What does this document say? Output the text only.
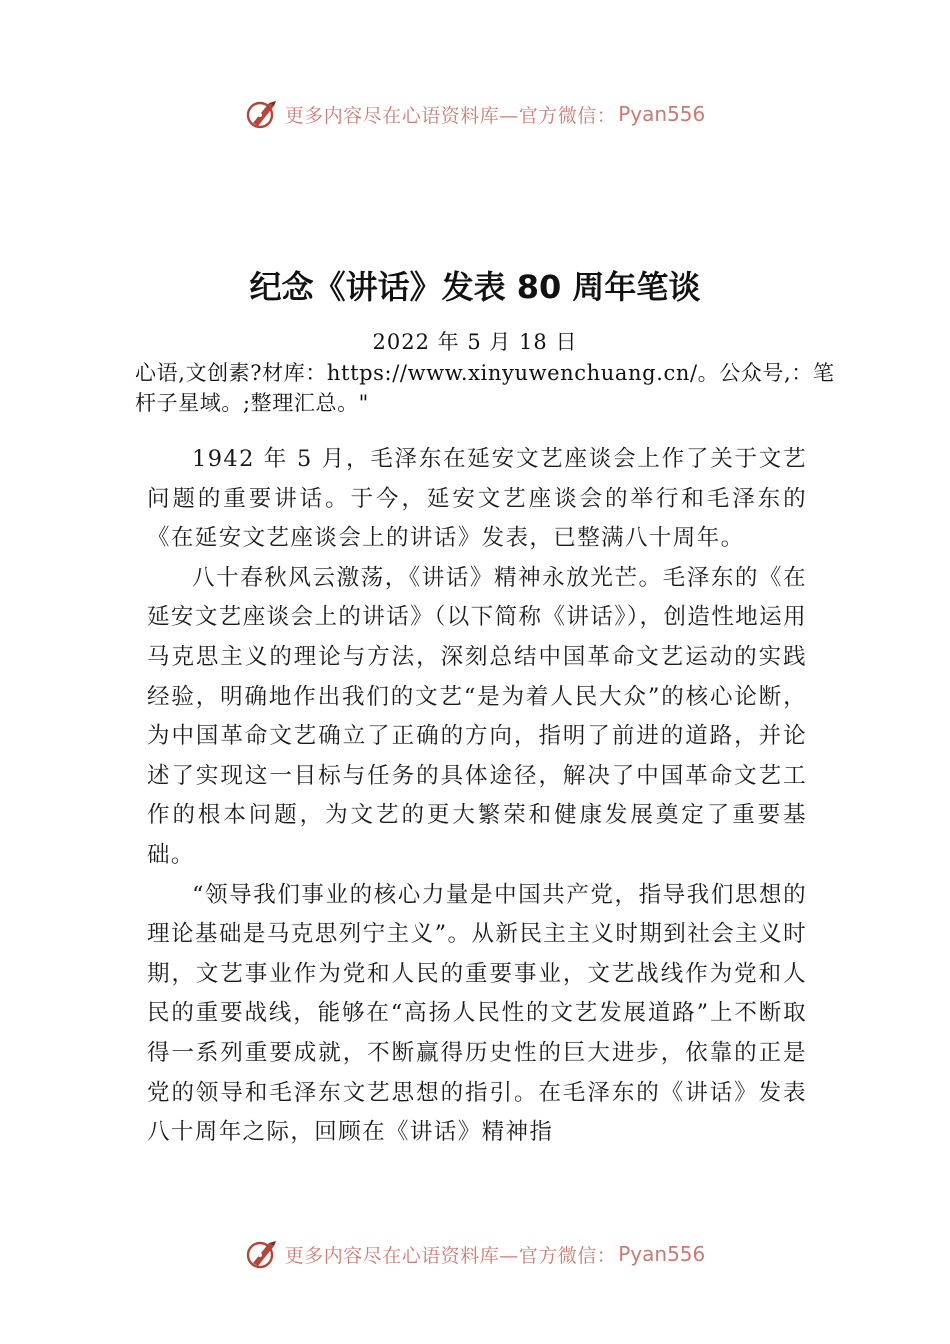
更多内容尽在心语资料库—官方微信： Pyan556
纪念《讲话》发表 80 周年笔谈
2022 年 5 月 18 日
心语,文创素?材库：https://www.xinyuwenchuang.cn/。公众号,：笔杆子星域。;整理汇总。"

1942 年 5 月，毛泽东在延安文艺座谈会上作了关于文艺问题的重要讲话。于今，延安文艺座谈会的举行和毛泽东的《在延安文艺座谈会上的讲话》发表，已整满八十周年。

八十春秋风云激荡，《讲话》精神永放光芒。毛泽东的《在延安文艺座谈会上的讲话》（以下简称《讲话》），创造性地运用马克思主义的理论与方法，深刻总结中国革命文艺运动的实践经验，明确地作出我们的文艺“是为着人民大众”的核心论断，为中国革命文艺确立了正确的方向，指明了前进的道路，并论述了实现这一目标与任务的具体途径，解决了中国革命文艺工作的根本问题，为文艺的更大繁荣和健康发展奠定了重要基础。

“领导我们事业的核心力量是中国共产党，指导我们思想的理论基础是马克思列宁主义”。从新民主主义时期到社会主义时期，文艺事业作为党和人民的重要事业，文艺战线作为党和人民的重要战线，能够在“高扬人民性的文艺发展道路”上不断取得一系列重要成就，不断赢得历史性的巨大进步，依靠的正是党的领导和毛泽东文艺思想的指引。在毛泽东的《讲话》发表八十周年之际，回顾在《讲话》精神指

更多内容尽在心语资料库—官方微信： Pyan556
